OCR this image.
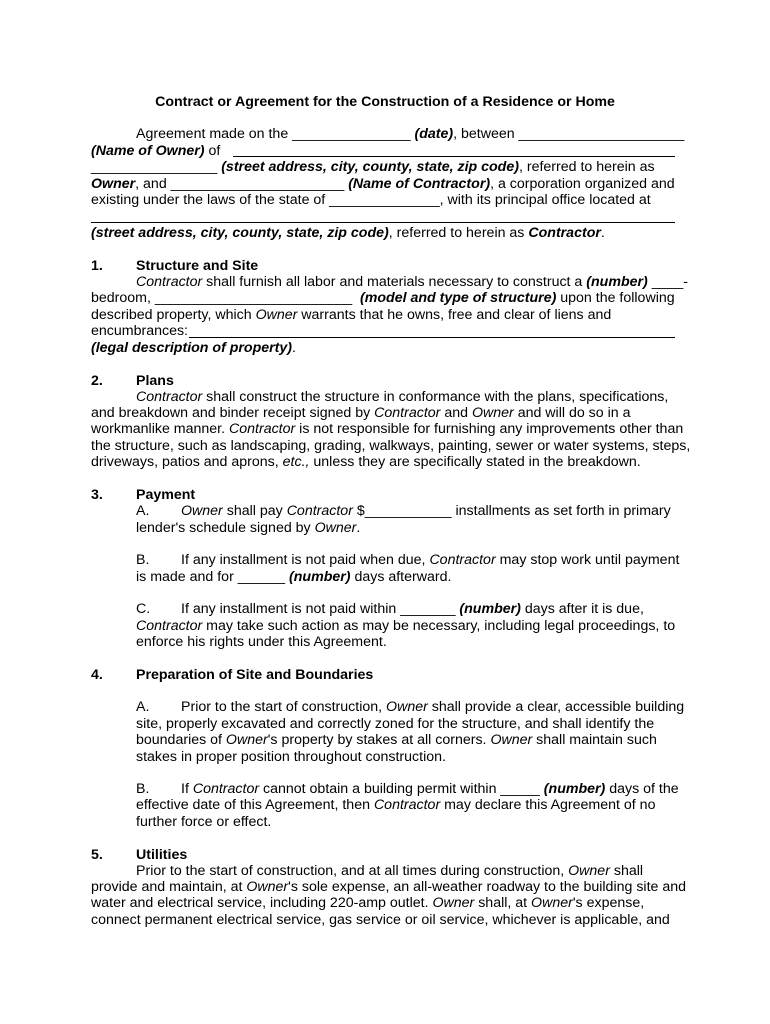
Contract or Agreement for the Construction of a Residence or Home
Agreement made on the _______________ (date), between _____________________
(Name of Owner) of
________________ (street address, city, county, state, zip code), referred to herein as
Owner, and ______________________ (Name of Contractor), a corporation organized and
existing under the laws of the state of ______________, with its principal office located at
(street address, city, county, state, zip code), referred to herein as Contractor.
1. Structure and Site
Contractor shall furnish all labor and materials necessary to construct a (number) ____-
bedroom, _________________________  (model and type of structure) upon the following
described property, which Owner warrants that he owns, free and clear of liens and
encumbrances:
(legal description of property).
2. Plans
Contractor shall construct the structure in conformance with the plans, specifications,
and breakdown and binder receipt signed by Contractor and Owner and will do so in a
workmanlike manner. Contractor is not responsible for furnishing any improvements other than
the structure, such as landscaping, grading, walkways, painting, sewer or water systems, steps,
driveways, patios and aprons, etc., unless they are specifically stated in the breakdown.
3. Payment
A. Owner shall pay Contractor $___________ installments as set forth in primary
lender's schedule signed by Owner.
B. If any installment is not paid when due, Contractor may stop work until payment
is made and for ______ (number) days afterward.
C. If any installment is not paid within _______ (number) days after it is due,
Contractor may take such action as may be necessary, including legal proceedings, to
enforce his rights under this Agreement.
4. Preparation of Site and Boundaries
A. Prior to the start of construction, Owner shall provide a clear, accessible building
site, properly excavated and correctly zoned for the structure, and shall identify the
boundaries of Owner's property by stakes at all corners. Owner shall maintain such
stakes in proper position throughout construction.
B. If Contractor cannot obtain a building permit within _____ (number) days of the
effective date of this Agreement, then Contractor may declare this Agreement of no
further force or effect.
5. Utilities
Prior to the start of construction, and at all times during construction, Owner shall
provide and maintain, at Owner's sole expense, an all-weather roadway to the building site and
water and electrical service, including 220-amp outlet. Owner shall, at Owner's expense,
connect permanent electrical service, gas service or oil service, whichever is applicable, and
